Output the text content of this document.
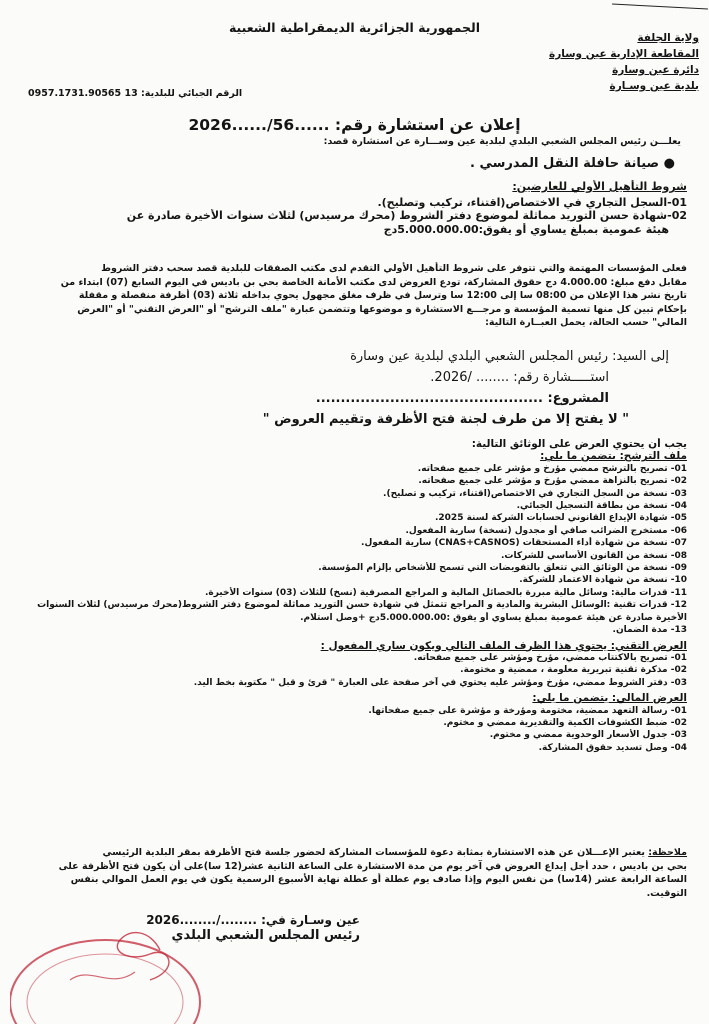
الجمهورية الجزائرية الديمقراطية الشعبية
ولاية الجلفة
المقاطعة الإدارية عين وسارة
دائرة عين وسارة
بلدية عين وسـارة
الرقم الجبائي للبلدية: 13 0957.1731.90565
إعلان عن استشارة رقم: ......56/......2026
يعلـــن رئيس المجلس الشعبي البلدي لبلدية عين وســـارة عن استشارة قصد:
● صيانة حافلة النقل المدرسي .
شروط التأهيل الأولي للعارضين:
01-السجل التجاري في الاختصاص(اقتناء، تركيب وتصليح).
02-شهادة حسن التوريد مماثلة لموضوع دفتر الشروط (محرك مرسيدس) لثلاث سنوات الأخيرة صادرة عن
هيئة عمومية بمبلغ يساوي أو يفوق:5.000.000.00دج
فعلى المؤسسات المهتمة والتي تتوفر على شروط التأهيل الأولي التقدم لدى مكتب الصفقات للبلدية قصد سحب دفتر الشروط
مقابل دفع مبلغ: 4.000.00 دج حقوق المشاركة، تودع العروض لدى مكتب الأمانة الخاصة بحي بن باديس في اليوم السابع (07) ابتداء من
تاريخ نشر هذا الإعلان من 08:00 سا إلى 12:00 سا وترسل في ظرف مغلق مجهول يحوي بداخله ثلاثة (03) أظرفة منفصلة و مقفلة
بإحكام تبين كل منها تسمية المؤسسة و مرجـــع الاستشارة و موضوعها وتتضمن عبارة "ملف الترشح" أو "العرض التقني" أو "العرض
المالي" حسب الحالة، يحمل العبــارة التالية:
إلى السيد: رئيس المجلس الشعبي البلدي لبلدية عين وسارة
استـــــشارة رقم: ........ /2026.
المشروع: ..............................................
" لا يفتح إلا من طرف لجنة فتح الأظرفة وتقييم العروض "
يجب أن يحتوي العرض على الوثائق التالية:
ملف الترشح: يتضمن ما يلي:
01- تصريح بالترشح ممضي مؤرخ و مؤشر على جميع صفحاته.
02- تصريح بالنزاهة ممضي مؤرخ و مؤشر على جميع صفحاته.
03- نسخة من السجل التجاري في الاختصاص(اقتناء، تركيب و تصليح).
04- نسخة من بطاقة التسجيل الجبائي.
05- شهادة الإيداع القانوني لحسابات الشركة لسنة 2025.
06- مستخرج الضرائب صافي أو مجدول (نسخة) سارية المفعول.
07- نسخة من شهادة أداء المستحقات (CNAS+CASNOS) سارية المفعول.
08- نسخة من القانون الأساسي للشركات.
09- نسخة من الوثائق التي تتعلق بالتفويضات التي تسمح للأشخاص بإلزام المؤسسة.
10- نسخة من شهادة الاعتماد للشركة.
11- قدرات مالية: وسائل مالية مبررة بالحصائل المالية و المراجع المصرفية (نسخ) للثلاث (03) سنوات الأخيرة.
12- قدرات تقنية :الوسائل البشرية والمادية و المراجع تتمثل في شهادة حسن التوريد مماثلة لموضوع دفتر الشروط(محرك مرسيدس) لثلاث السنوات
الأخيرة صادرة عن هيئة عمومية بمبلغ يساوي أو يفوق :5.000.000.00دج +وصل استلام.
13- مدة الضمان.
العرض التقني: يحتوي هذا الظرف الملف التالي ويكون ساري المفعول :
01- تصريح بالاكتتاب ممضي، مؤرخ ومؤشر على جميع صفحاته.
02- مذكرة تقنية تبريرية معلومة ، ممضية و مختومة.
03- دفتر الشروط ممضي، مؤرخ ومؤشر عليه يحتوي في آخر صفحة على العبارة " قرئ و قبل " مكتوبة بخط اليد.
العرض المالي: يتضمن ما يلي:
01- رسالة التعهد ممضية، مختومة ومؤرخة و مؤشرة على جميع صفحاتها.
02- ضبط الكشوفات الكمية والتقديرية ممضي و مختوم.
03- جدول الأسعار الوحدوية ممضي و مختوم.
04- وصل تسديد حقوق المشاركة.
ملاحظة: يعتبر الإعـــلان عن هذه الاستشارة بمثابة دعوة للمؤسسات المشاركة لحضور جلسة فتح الأظرفة بمقر البلدية الرئيسي
بحي بن باديس ، حدد أجل إيداع العروض في آخر يوم من مدة الاستشارة على الساعة الثانية عشر(12 سا)على أن يكون فتح الأظرفة على
الساعة الرابعة عشر (14سا) من نفس اليوم وإذا صادف يوم عطلة أو عطلة نهاية الأسبوع الرسمية يكون في يوم العمل الموالي بنفس
التوقيت.
عين وسـارة في: ......../........2026
رئيس المجلس الشعبي البلدي
